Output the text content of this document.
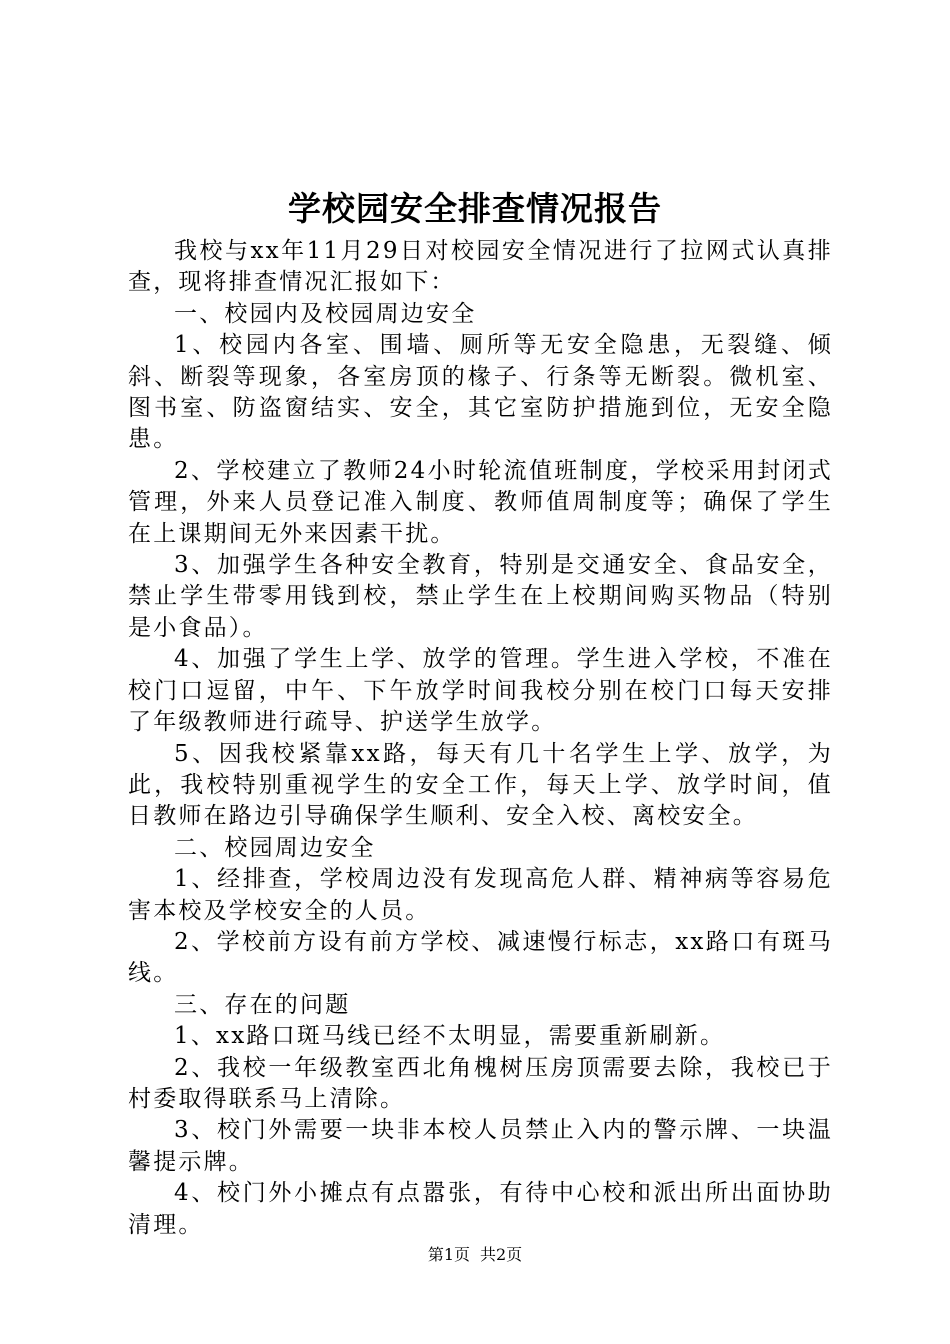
学校园安全排查情况报告

我校与xx年11月29日对校园安全情况进行了拉网式认真排查，现将排查情况汇报如下：

一、校园内及校园周边安全

1、校园内各室、围墙、厕所等无安全隐患，无裂缝、倾斜、断裂等现象，各室房顶的椽子、行条等无断裂。微机室、图书室、防盗窗结实、安全，其它室防护措施到位，无安全隐患。

2、学校建立了教师24小时轮流值班制度，学校采用封闭式管理，外来人员登记准入制度、教师值周制度等；确保了学生在上课期间无外来因素干扰。

3、加强学生各种安全教育，特别是交通安全、食品安全，禁止学生带零用钱到校，禁止学生在上校期间购买物品（特别是小食品）。

4、加强了学生上学、放学的管理。学生进入学校，不准在校门口逗留，中午、下午放学时间我校分别在校门口每天安排了年级教师进行疏导、护送学生放学。

5、因我校紧靠xx路，每天有几十名学生上学、放学，为此，我校特别重视学生的安全工作，每天上学、放学时间，值日教师在路边引导确保学生顺利、安全入校、离校安全。

二、校园周边安全

1、经排查，学校周边没有发现高危人群、精神病等容易危害本校及学校安全的人员。

2、学校前方设有前方学校、减速慢行标志，xx路口有斑马线。

三、存在的问题

1、xx路口斑马线已经不太明显，需要重新刷新。

2、我校一年级教室西北角槐树压房顶需要去除，我校已于村委取得联系马上清除。

3、校门外需要一块非本校人员禁止入内的警示牌、一块温馨提示牌。

4、校门外小摊点有点嚣张，有待中心校和派出所出面协助清理。

第1页 共2页
